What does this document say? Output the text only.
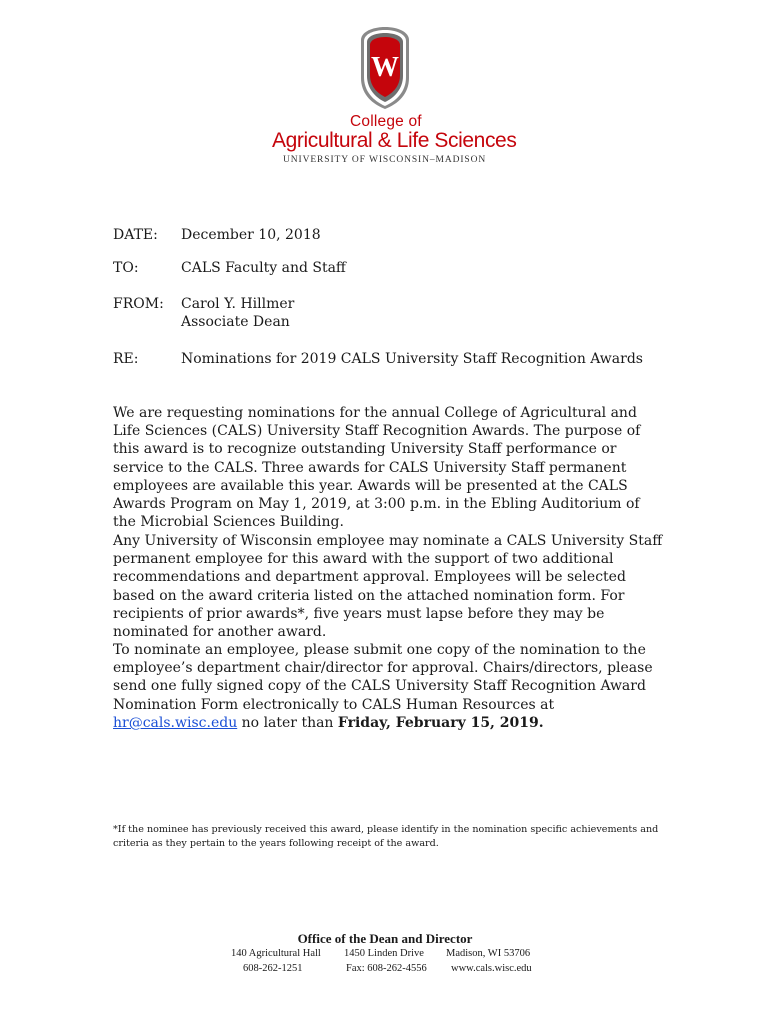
W
College of
Agricultural & Life Sciences
UNIVERSITY OF WISCONSIN–MADISON
DATE: December 10, 2018
TO:	CALS Faculty and Staff
FROM: Carol Y. Hillmer
Associate Dean
RE:	Nominations for 2019 CALS University Staff Recognition Awards

We are requesting nominations for the annual College of Agricultural and Life Sciences (CALS) University Staff Recognition Awards. The purpose of this award is to recognize outstanding University Staff performance or service to the CALS. Three awards for CALS University Staff permanent employees are available this year. Awards will be presented at the CALS Awards Program on May 1, 2019, at 3:00 p.m. in the Ebling Auditorium of the Microbial Sciences Building.

Any University of Wisconsin employee may nominate a CALS University Staff permanent employee for this award with the support of two additional recommendations and department approval. Employees will be selected based on the award criteria listed on the attached nomination form. For recipients of prior awards*, five years must lapse before they may be nominated for another award.

To nominate an employee, please submit one copy of the nomination to the employee’s department chair/director for approval. Chairs/directors, please send one fully signed copy of the CALS University Staff Recognition Award Nomination Form electronically to CALS Human Resources at hr@cals.wisc.edu no later than Friday, February 15, 2019.

*If the nominee has previously received this award, please identify in the nomination specific achievements and criteria as they pertain to the years following receipt of the award.
Office of the Dean and Director
140 Agricultural Hall 1450 Linden Drive Madison, WI 53706
608-262-1251	Fax: 608-262-4556 www.cals.wisc.edu
